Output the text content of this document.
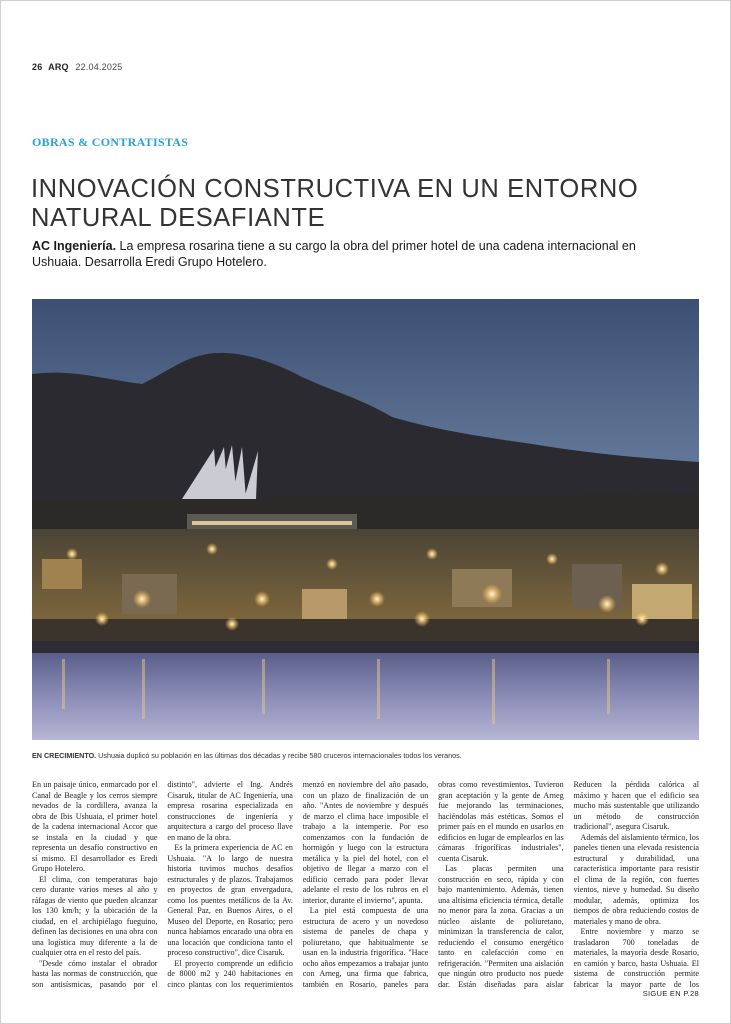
26 ARQ 22.04.2025
OBRAS & CONTRATISTAS
INNOVACIÓN CONSTRUCTIVA EN UN ENTORNO NATURAL DESAFIANTE
AC Ingeniería. La empresa rosarina tiene a su cargo la obra del primer hotel de una cadena internacional en Ushuaia. Desarrolla Eredi Grupo Hotelero.
EN CRECIMIENTO. Ushuaia duplicó su población en las últimas dos décadas y recibe 580 cruceros internacionales todos los veranos.

En un paisaje único, enmarcado por el Canal de Beagle y los cerros siempre nevados de la cordillera, avanza la obra de Ibis Ushuaia, el primer hotel de la cadena internacional Accor que se instala en la ciudad y que representa un desafío constructivo en sí mismo. El desarrollador es Eredi Grupo Hotelero.

El clima, con temperaturas bajo cero durante varios meses al año y ráfagas de viento que pueden alcanzar los 130 km/h; y la ubicación de la ciudad, en el archipiélago fueguino, definen las decisiones en una obra con una logística muy diferente a la de cualquier otra en el resto del país.

"Desde cómo instalar el obrador hasta las normas de construcción, que son antisísmicas, pasando por el

distinto", advierte el Ing. Andrés Cisaruk, titular de AC Ingeniería, una empresa rosarina especializada en construcciones de ingeniería y arquitectura a cargo del proceso llave en mano de la obra.

Es la primera experiencia de AC en Ushuaia. "A lo largo de nuestra historia tuvimos muchos desafíos estructurales y de plazos. Trabajamos en proyectos de gran envergadura, como los puentes metálicos de la Av. General Paz, en Buenos Aires, o el Museo del Deporte, en Rosario; pero nunca habíamos encarado una obra en una locación que condiciona tanto el proceso constructivo", dice Cisaruk.

El proyecto comprende un edificio de 8000 m2 y 240 habitaciones en cinco plantas con los requerimientos

menzó en noviembre del año pasado, con un plazo de finalización de un año. "Antes de noviembre y después de marzo el clima hace imposible el trabajo a la intemperie. Por eso comenzamos con la fundación de hormigón y luego con la estructura metálica y la piel del hotel, con el objetivo de llegar a marzo con el edificio cerrado para poder llevar adelante el resto de los rubros en el interior, durante el invierno", apunta.

La piel está compuesta de una estructura de acero y un novedoso sistema de paneles de chapa y poliuretano, que habitualmente se usan en la industria frigorífica. "Hace ocho años empezamos a trabajar junto con Arneg, una firma que fabrica, también en Rosario, paneles para

obras como revestimientos. Tuvieron gran aceptación y la gente de Arneg fue mejorando las terminaciones, haciéndolas más estéticas. Somos el primer país en el mundo en usarlos en edificios en lugar de emplearlos en las cámaras frigoríficas industriales", cuenta Cisaruk.

Las placas permiten una construcción en seco, rápida y con bajo mantenimiento. Además, tienen una altísima eficiencia térmica, detalle no menor para la zona. Gracias a un núcleo aislante de poliuretano, minimizan la transferencia de calor, reduciendo el consumo energético tanto en calefacción como en refrigeración. "Permiten una aislación que ningún otro producto nos puede dar. Están diseñadas para aislar

Reducen la pérdida calórica al máximo y hacen que el edificio sea mucho más sustentable que utilizando un método de construcción tradicional", asegura Cisaruk.

Además del aislamiento térmico, los paneles tienen una elevada resistencia estructural y durabilidad, una característica importante para resistir el clima de la región, con fuertes vientos, nieve y humedad. Su diseño modular, además, optimiza los tiempos de obra reduciendo costos de materiales y mano de obra.

Entre noviembre y marzo se trasladaron 700 toneladas de materiales, la mayoría desde Rosario, en camión y barco, hasta Ushuaia. El sistema de construcción permite fabricar la mayor parte de los

SIGUE EN P.28
